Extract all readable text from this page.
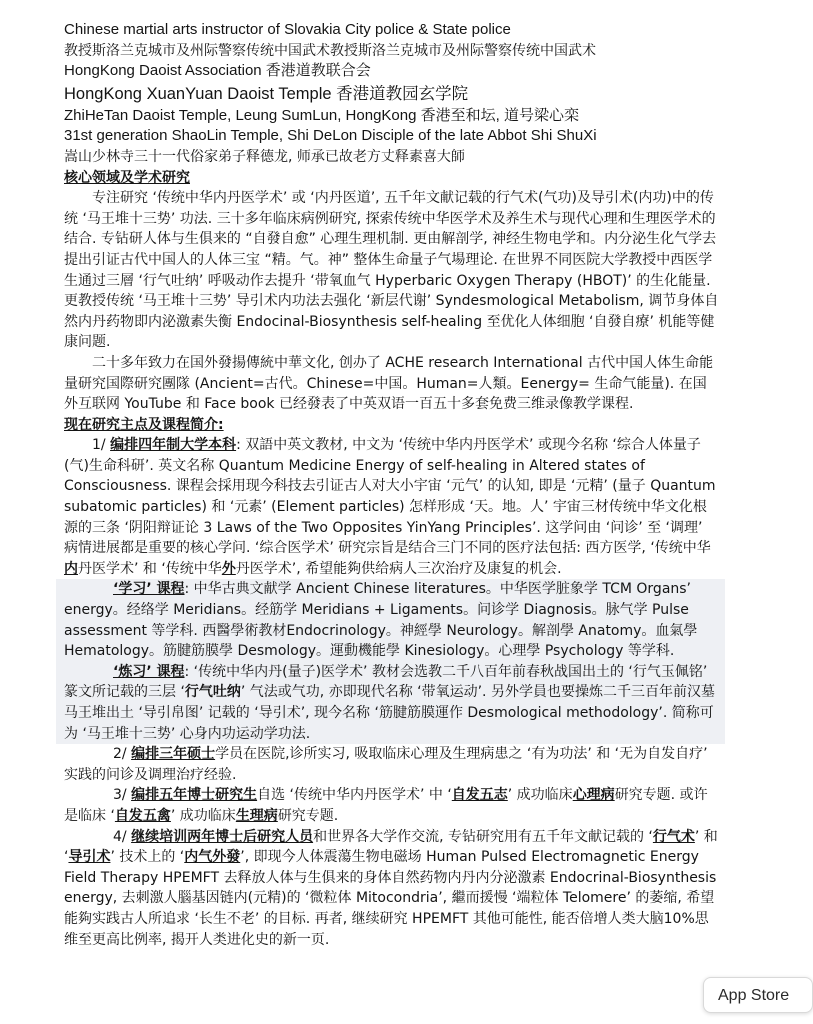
Chinese martial arts instructor of Slovakia City police & State police

教授斯洛兰克城市及州际警察传统中国武术教授斯洛兰克城市及州际警察传统中国武术

HongKong Daoist Association 香港道教联合会

HongKong XuanYuan Daoist Temple 香港道教园玄学院

ZhiHeTan Daoist Temple, Leung SumLun, HongKong 香港至和坛, 道号梁心栾

31st generation ShaoLin Temple, Shi DeLon Disciple of the late Abbot Shi ShuXi

嵩山少林寺三十一代俗家弟子释德龙, 师承已故老方丈释素喜大師

核心领域及学术研究

专注研究 ‘传统中华内丹医学术’ 或 ‘内丹医道’, 五千年文献记载的行气术(气功)及导引术(内功)中的传统 ‘马王堆十三势’ 功法. 三十多年临床病例研究, 探索传统中华医学术及养生术与现代心理和生理医学术的结合. 专钻研人体与生俱来的 “自發自愈” 心理生理机制. 更由解剖学, 神经生物电学和。内分泌生化气学去提出引证古代中国人的人体三宝 “精。气。神” 整体生命量子气場理论. 在世界不同医院大学教授中西医学生通过三層 ‘行气吐纳’ 呼吸动作去提升 ‘带氧血气 Hyperbaric Oxygen Therapy (HBOT)’ 的生化能量. 更教授传统 ‘马王堆十三势’ 导引术内功法去强化 ‘新层代谢’ Syndesmological Metabolism, 调节身体自然内丹药物即内泌激素失衡 Endocinal-Biosynthesis self-healing 至优化人体细胞 ‘自發自療’ 机能等健康问题.

二十多年致力在国外發揚傳統中華文化, 创办了 ACHE research International 古代中国人体生命能量研究国際研究團隊 (Ancient=古代。Chinese=中国。Human=人類。Eenergy= 生命气能量). 在国外互联网 YouTube 和 Face book 已经發表了中英双语一百五十多套免费三维录像教学课程.

现在研究主点及课程简介:

1/ 编排四年制大学本科: 双語中英文教材, 中文为 ‘传统中华内丹医学术’ 或现今名称 ‘综合人体量子(气)生命科研’. 英文名称 Quantum Medicine Energy of self-healing in Altered states of Consciousness. 课程会採用现今科技去引证古人对大小宇宙 ‘元气’ 的认知, 即是 ‘元精’ (量子 Quantum subatomic particles) 和 ‘元素’ (Element particles) 怎样形成 ‘天。地。人’ 宇宙三材传统中华文化根源的三条 ‘阴阳辩证论 3 Laws of the Two Opposites YinYang Principles’. 这学问由 ‘问诊’ 至 ‘调理’ 病情进展都是重要的核心学问. ‘综合医学术’ 研究宗旨是结合三门不同的医疗法包括: 西方医学, ‘传统中华内丹医学术’ 和 ‘传统中华外丹医学术’, 希望能夠供给病人三次治疗及康复的机会.

‘学习’ 课程: 中华古典文献学 Ancient Chinese literatures。中华医学脏象学 TCM Organs’ energy。经络学 Meridians。经筋学 Meridians + Ligaments。问诊学 Diagnosis。脉气学 Pulse assessment 等学科. 西醫學術教材Endocrinology。神經學 Neurology。解剖學 Anatomy。血氣學 Hematology。筋腱筋膜學 Desmology。運動機能學 Kinesiology。心理學 Psychology 等学科.

‘炼习’ 课程: ‘传统中华内丹(量子)医学术’ 教材会选教二千八百年前春秋战国出土的 ‘行气玉佩铭’ 篆文所记载的三层 ‘行气吐纳’ 气法或气功, 亦即现代名称 ‘带氧运动’. 另外学員也要操炼二千三百年前汉墓马王堆出土 ‘导引帛图’ 记载的 ‘导引术’, 现今名称 ‘筋腱筋膜運作 Desmological methodology’. 简称可为 ‘马王堆十三势’ 心身内功运动学功法.

2/ 编排三年硕士学员在医院,诊所实习, 吸取临床心理及生理病患之 ‘有为功法’ 和 ‘无为自发自疗’ 实践的问诊及调理治疗经验.

3/ 编排五年博士研究生自选 ‘传统中华内丹医学术’ 中 ‘自发五志’ 成功临床心理病研究专题. 或许是临床 ‘自发五禽’ 成功临床生理病研究专题.

4/ 继续培训两年博士后研究人员和世界各大学作交流, 专钻研究用有五千年文献记载的 ‘行气术’ 和 ‘导引术’ 技术上的 ‘内气外發’, 即现今人体震蕩生物电磁场 Human Pulsed Electromagnetic Energy Field Therapy HPEMFT 去释放人体与生俱来的身体自然药物内丹内分泌激素 Endocrinal-Biosynthesis energy, 去刺激人腦基因链内(元精)的 ‘微粒体 Mitocondria’, 繼而援慢 ‘端粒体 Telomere’ 的萎缩, 希望能夠实践古人所追求 ‘长生不老’ 的目标. 再者, 继续研究 HPEMFT 其他可能性, 能否倍增人类大脑10%思维至更高比例率, 揭开人类进化史的新一页.

App Store
